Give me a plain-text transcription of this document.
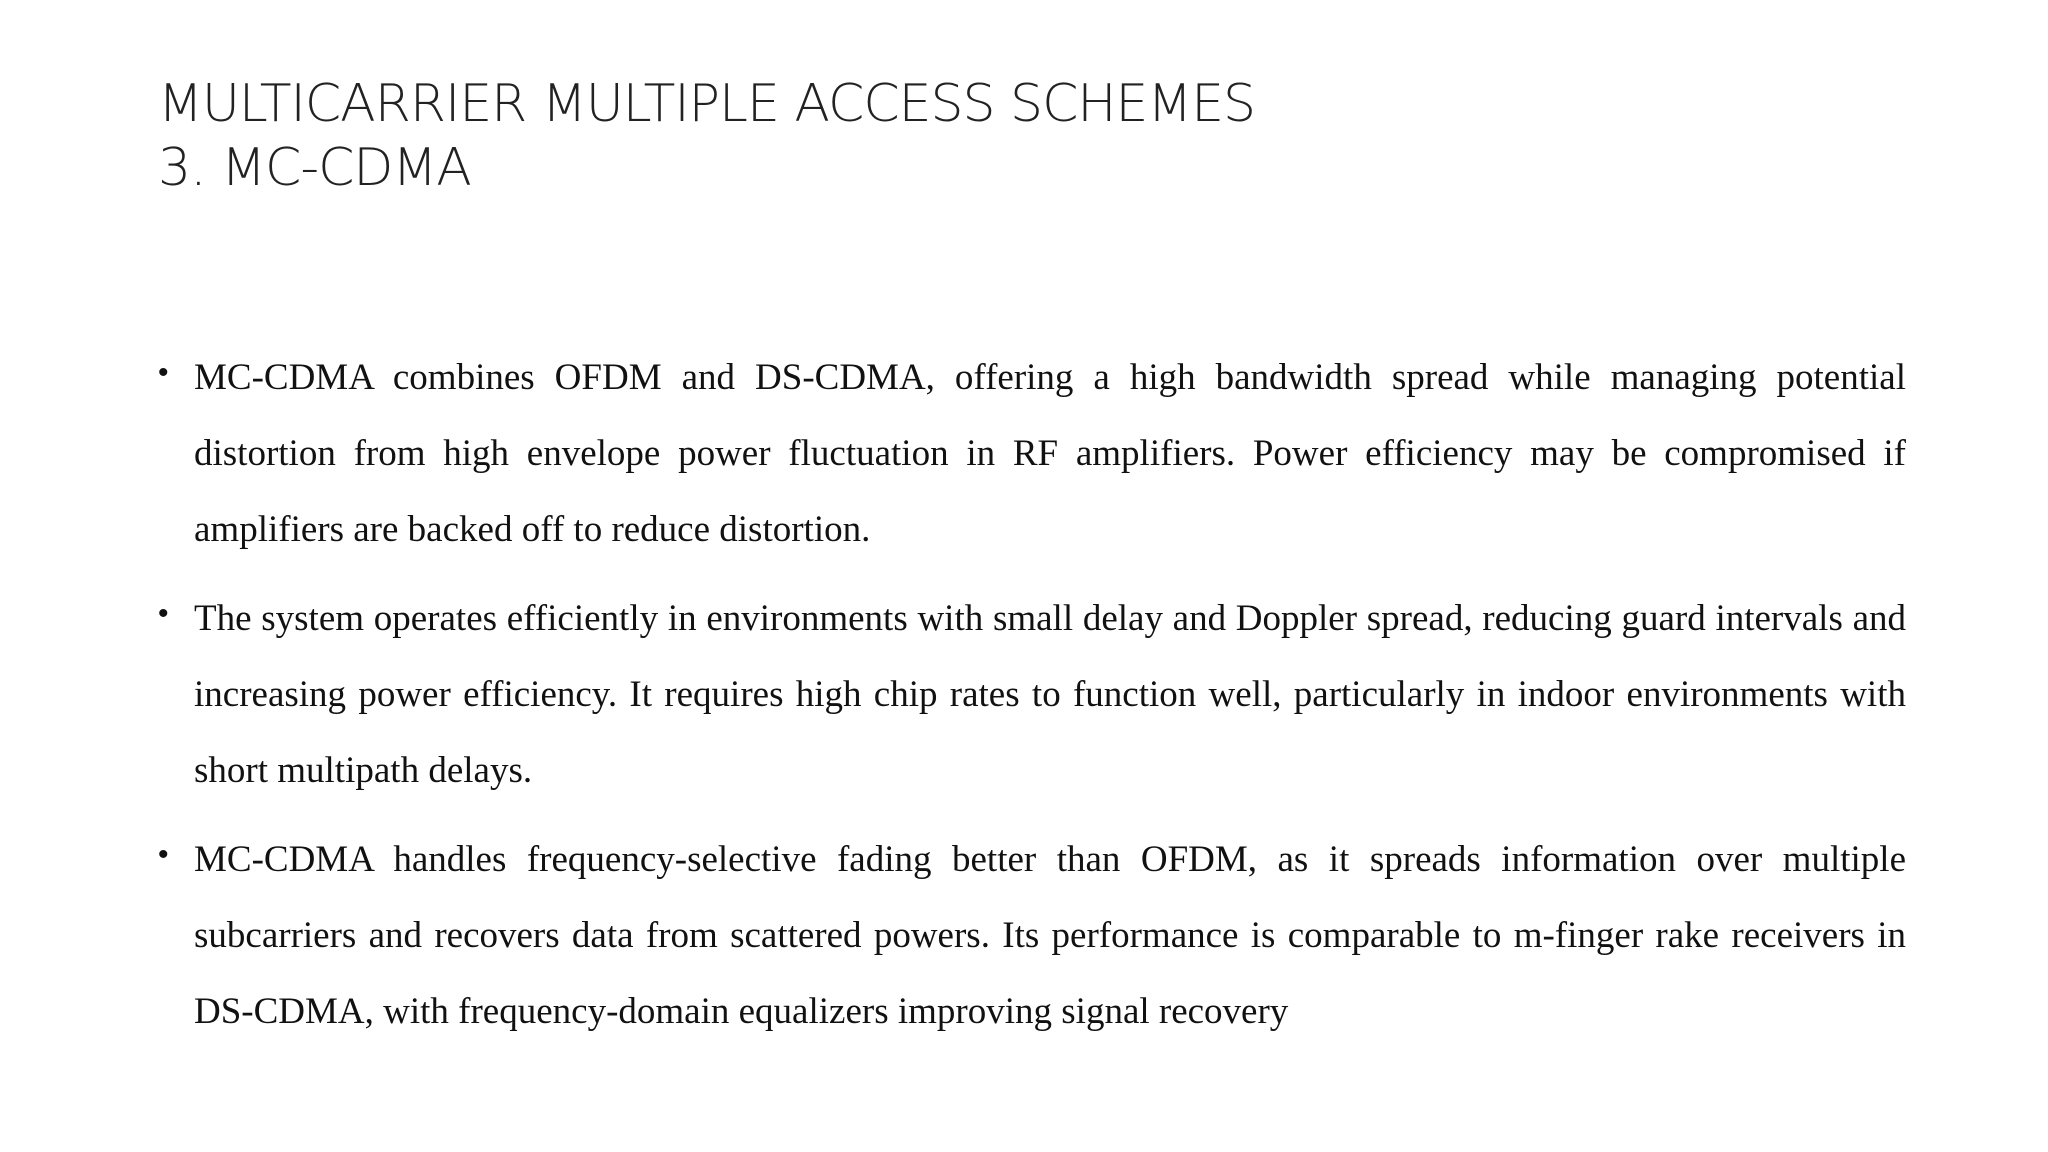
MULTICARRIER MULTIPLE ACCESS SCHEMES
3. MC-CDMA
• MC-CDMA combines OFDM and DS-CDMA, offering a high bandwidth spread while managing potential distortion from high envelope power fluctuation in RF amplifiers. Power efficiency may be compromised if amplifiers are backed off to reduce distortion.
• The system operates efficiently in environments with small delay and Doppler spread, reducing guard intervals and increasing power efficiency. It requires high chip rates to function well, particularly in indoor environments with short multipath delays.
• MC-CDMA handles frequency-selective fading better than OFDM, as it spreads information over multiple subcarriers and recovers data from scattered powers. Its performance is comparable to m-finger rake receivers in DS-CDMA, with frequency-domain equalizers improving signal recovery
